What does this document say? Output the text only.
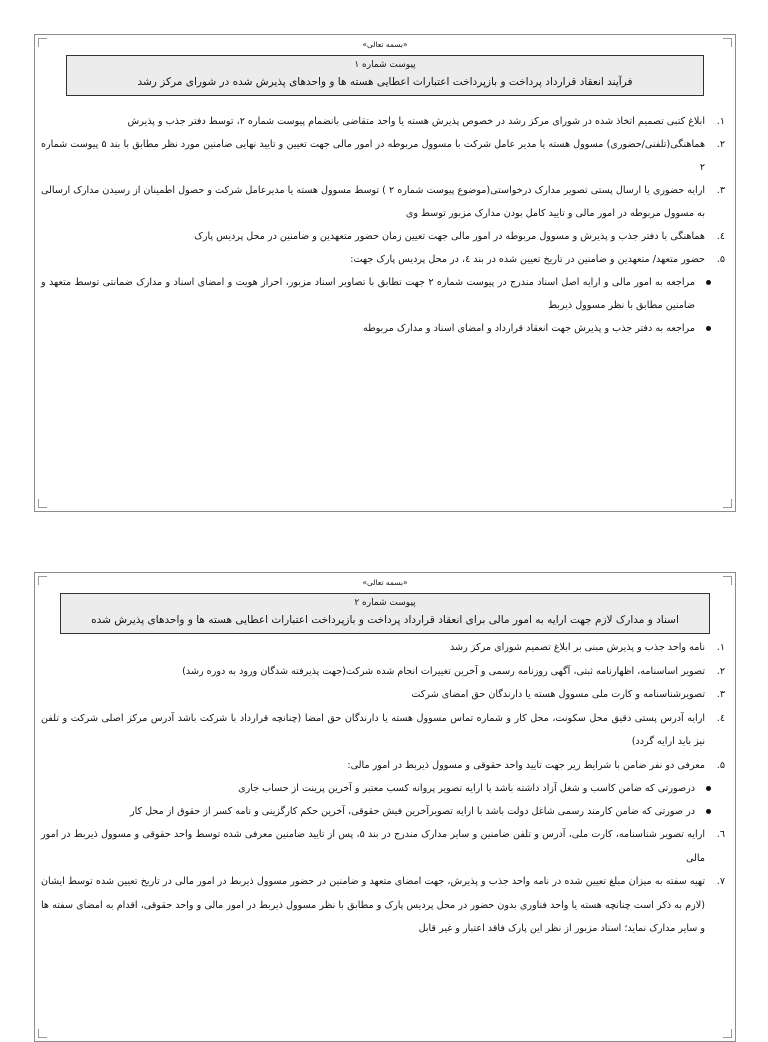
«بسمه تعالی»
پیوست شماره ۱
فرآیند انعقاد قرارداد پرداخت و بازپرداخت اعتبارات اعطایی هسته ها و واحدهای پذیرش شده در شورای مرکز رشد
۱.
ابلاغ کتبی تصمیم اتخاذ شده در شورای مرکز رشد در خصوص پذیرش هسته یا واحد متقاضی بانضمام پیوست شماره ۲، توسط دفتر جذب و پذیرش
۲.
هماهنگی(تلفنی/حضوری) مسوول هسته یا مدیر عامل شرکت با مسوول مربوطه در امور مالی جهت تعیین و تایید نهایی ضامنین مورد نظر مطابق با بند ۵ پیوست شماره ۲
۳.
ارایه حضوری یا ارسال پستی تصویر مدارک درخواستی(موضوع پیوست شماره ۲ ) توسط مسوول هسته یا مدیرعامل شرکت و حصول اطمینان از رسیدن مدارک ارسالی به مسوول مربوطه در امور مالی و تایید کامل بودن مدارک مزبور توسط وی
٤.
هماهنگی با دفتر جذب و پذیرش و مسوول مربوطه در امور مالی جهت تعیین زمان حضور متعهدین و ضامنین در محل پردیس پارک
۵.
حضور متعهد/ متعهدین و ضامنین در تاریخ تعیین شده در بند ٤، در محل پردیس پارک جهت:
مراجعه به امور مالی و ارایه اصل اسناد مندرج در پیوست شماره ۲ جهت تطابق با تصاویر اسناد مزبور، احراز هویت و امضای اسناد و مدارک ضمانتی توسط متعهد و ضامنین مطابق با نظر مسوول ذیربط
مراجعه به دفتر جذب و پذیرش جهت انعقاد قرارداد و امضای اسناد و مدارک مربوطه
«بسمه تعالی»
پیوست شماره ۲
اسناد و مدارک لازم جهت ارایه به امور مالی برای انعقاد قرارداد پرداخت و بازپرداخت اعتبارات اعطایی هسته ها و واحدهای پذیرش شده
۱.
نامه واحد جذب و پذیرش مبنی بر ابلاغ تصمیم شورای مرکز رشد
۲.
تصویر اساسنامه، اظهارنامه ثبتی، آگهی روزنامه رسمی و آخرین تغییرات انجام شده شرکت(جهت پذیرفته شدگان ورود به دوره رشد)
۳.
تصویرشناسنامه و کارت ملی مسوول هسته یا دارندگان حق امضای شرکت
٤.
ارایه آدرس پستی دقیق محل سکونت، محل کار و شماره تماس مسوول هسته یا دارندگان حق امضا (چنانچه قرارداد با شرکت باشد آدرس مرکز اصلی شرکت و تلفن نیز باید ارایه گردد)
۵.
معرفی دو نفر ضامن با شرایط زیر جهت تایید واحد حقوقی و مسوول ذیربط در امور مالی:
درصورتی که ضامن کاسب و شغل آزاد داشته باشد با ارایه تصویر پروانه کسب معتبر و آخرین پرینت از حساب جاری
در صورتی که ضامن کارمند رسمی شاغل دولت باشد با ارایه تصویرآخرین فیش حقوقی، آخرین حکم کارگزینی و نامه کسر از حقوق از محل کار
٦.
ارایه تصویر شناسنامه، کارت ملی، آدرس و تلفن ضامنین و سایر مدارک مندرج در بند ۵، پس از تایید ضامنین معرفی شده توسط واحد حقوقی و مسوول ذیربط در امور مالی
۷.
تهیه سفته به میزان مبلغ تعیین شده در نامه واحد جذب و پذیرش، جهت امضای متعهد و ضامنین در حضور مسوول ذیربط در امور مالی در تاریخ تعیین شده توسط ایشان (لازم به ذکر است چنانچه هسته یا واحد فناوری بدون حضور در محل پردیس پارک و مطابق با نظر مسوول ذیربط در امور مالی و واحد حقوقی، اقدام به امضای سفته ها و سایر مدارک نماید؛ اسناد مزبور از نظر این پارک فاقد اعتبار و غیر قابل
